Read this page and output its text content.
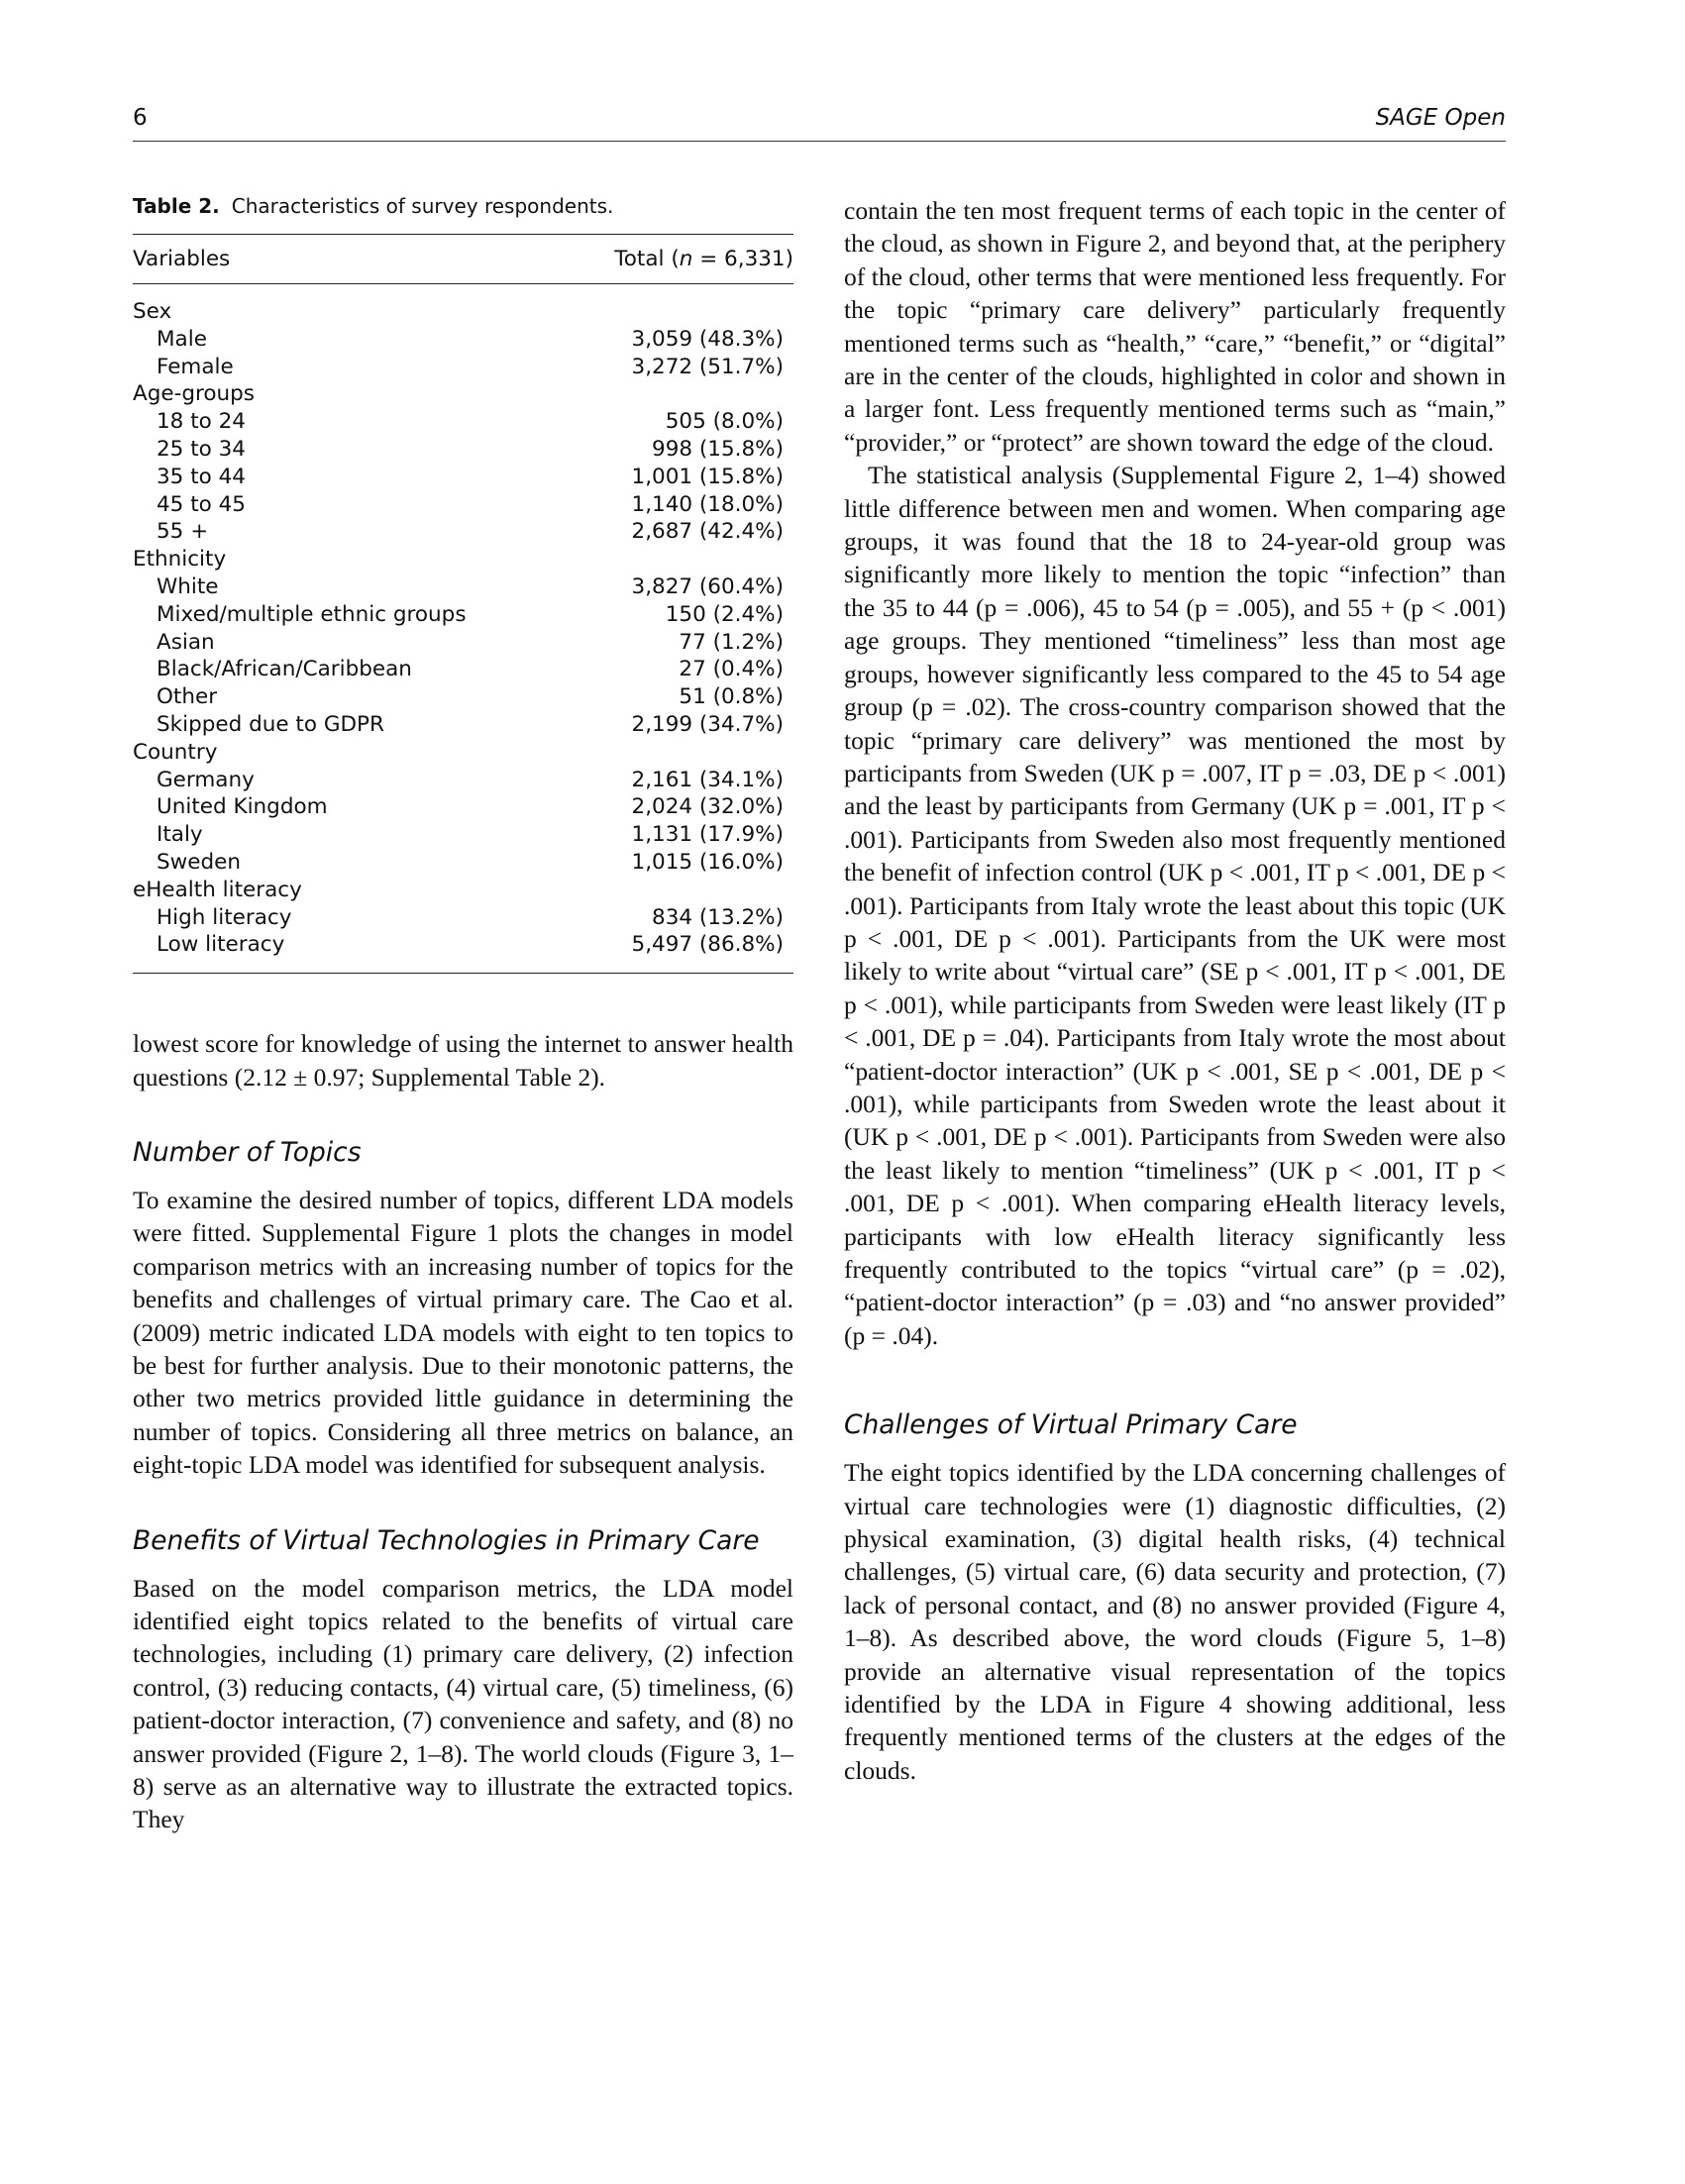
6	SAGE Open
Table 2. Characteristics of survey respondents.
Variables	Total (n = 6,331)
Sex	
Male	3,059 (48.3%)
Female	3,272 (51.7%)
Age-groups	
18 to 24	505 (8.0%)
25 to 34	998 (15.8%)
35 to 44	1,001 (15.8%)
45 to 45	1,140 (18.0%)
55 +	2,687 (42.4%)
Ethnicity	
White	3,827 (60.4%)
Mixed/multiple ethnic groups	150 (2.4%)
Asian	77 (1.2%)
Black/African/Caribbean	27 (0.4%)
Other	51 (0.8%)
Skipped due to GDPR	2,199 (34.7%)
Country	
Germany	2,161 (34.1%)
United Kingdom	2,024 (32.0%)
Italy	1,131 (17.9%)
Sweden	1,015 (16.0%)
eHealth literacy	
High literacy	834 (13.2%)
Low literacy	5,497 (86.8%)

lowest score for knowledge of using the internet to answer health questions (2.12 ± 0.97; Supplemental Table 2).

Number of Topics

To examine the desired number of topics, different LDA models were fitted. Supplemental Figure 1 plots the changes in model comparison metrics with an increasing number of topics for the benefits and challenges of virtual primary care. The Cao et al. (2009) metric indicated LDA models with eight to ten topics to be best for further analysis. Due to their monotonic patterns, the other two metrics provided little guidance in determining the number of topics. Considering all three metrics on balance, an eight-topic LDA model was identified for subsequent analysis.

Benefits of Virtual Technologies in Primary Care

Based on the model comparison metrics, the LDA model identified eight topics related to the benefits of virtual care technologies, including (1) primary care delivery, (2) infection control, (3) reducing contacts, (4) virtual care, (5) timeliness, (6) patient-doctor interaction, (7) convenience and safety, and (8) no answer provided (Figure 2, 1–8). The world clouds (Figure 3, 1–8) serve as an alternative way to illustrate the extracted topics. They

contain the ten most frequent terms of each topic in the center of the cloud, as shown in Figure 2, and beyond that, at the periphery of the cloud, other terms that were mentioned less frequently. For the topic “primary care delivery” particularly frequently mentioned terms such as “health,” “care,” “benefit,” or “digital” are in the center of the clouds, highlighted in color and shown in a larger font. Less frequently mentioned terms such as “main,” “provider,” or “protect” are shown toward the edge of the cloud.

The statistical analysis (Supplemental Figure 2, 1–4) showed little difference between men and women. When comparing age groups, it was found that the 18 to 24-year-old group was significantly more likely to mention the topic “infection” than the 35 to 44 (p = .006), 45 to 54 (p = .005), and 55 + (p < .001) age groups. They mentioned “timeliness” less than most age groups, however significantly less compared to the 45 to 54 age group (p = .02). The cross-country comparison showed that the topic “primary care delivery” was mentioned the most by participants from Sweden (UK p = .007, IT p = .03, DE p < .001) and the least by participants from Germany (UK p = .001, IT p < .001). Participants from Sweden also most frequently mentioned the benefit of infection control (UK p < .001, IT p < .001, DE p < .001). Participants from Italy wrote the least about this topic (UK p < .001, DE p < .001). Participants from the UK were most likely to write about “virtual care” (SE p < .001, IT p < .001, DE p < .001), while participants from Sweden were least likely (IT p < .001, DE p = .04). Participants from Italy wrote the most about “patient-doctor interaction” (UK p < .001, SE p < .001, DE p < .001), while participants from Sweden wrote the least about it (UK p < .001, DE p < .001). Participants from Sweden were also the least likely to mention “timeliness” (UK p < .001, IT p < .001, DE p < .001). When comparing eHealth literacy levels, participants with low eHealth literacy significantly less frequently contributed to the topics “virtual care” (p = .02), “patient-doctor interaction” (p = .03) and “no answer provided” (p = .04).

Challenges of Virtual Primary Care

The eight topics identified by the LDA concerning challenges of virtual care technologies were (1) diagnostic difficulties, (2) physical examination, (3) digital health risks, (4) technical challenges, (5) virtual care, (6) data security and protection, (7) lack of personal contact, and (8) no answer provided (Figure 4, 1–8). As described above, the word clouds (Figure 5, 1–8) provide an alternative visual representation of the topics identified by the LDA in Figure 4 showing additional, less frequently mentioned terms of the clusters at the edges of the clouds.
